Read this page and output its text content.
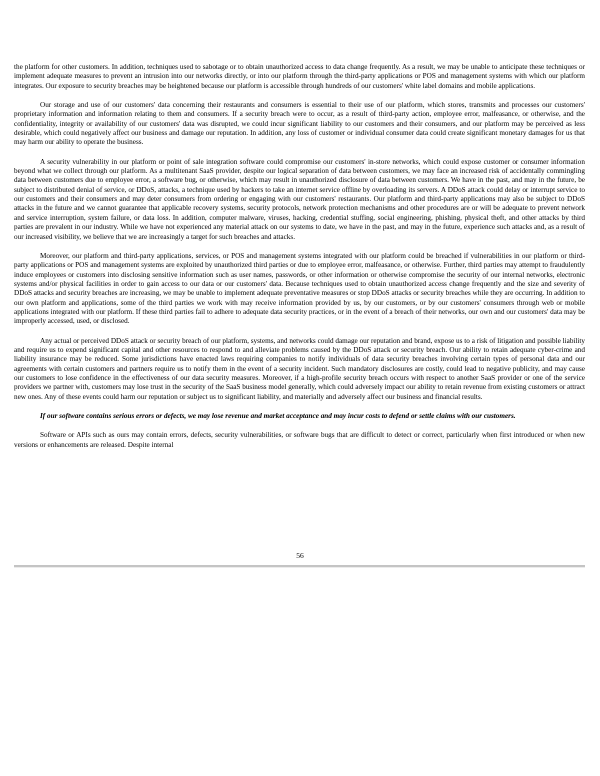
the platform for other customers. In addition, techniques used to sabotage or to obtain unauthorized access to data change frequently. As a result, we may be unable to anticipate these techniques or implement adequate measures to prevent an intrusion into our networks directly, or into our platform through the third-party applications or POS and management systems with which our platform integrates. Our exposure to security breaches may be heightened because our platform is accessible through hundreds of our customers' white label domains and mobile applications.

Our storage and use of our customers' data concerning their restaurants and consumers is essential to their use of our platform, which stores, transmits and processes our customers' proprietary information and information relating to them and consumers. If a security breach were to occur, as a result of third-party action, employee error, malfeasance, or otherwise, and the confidentiality, integrity or availability of our customers' data was disrupted, we could incur significant liability to our customers and their consumers, and our platform may be perceived as less desirable, which could negatively affect our business and damage our reputation. In addition, any loss of customer or individual consumer data could create significant monetary damages for us that may harm our ability to operate the business.

A security vulnerability in our platform or point of sale integration software could compromise our customers' in-store networks, which could expose customer or consumer information beyond what we collect through our platform. As a multitenant SaaS provider, despite our logical separation of data between customers, we may face an increased risk of accidentally commingling data between customers due to employee error, a software bug, or otherwise, which may result in unauthorized disclosure of data between customers. We have in the past, and may in the future, be subject to distributed denial of service, or DDoS, attacks, a technique used by hackers to take an internet service offline by overloading its servers. A DDoS attack could delay or interrupt service to our customers and their consumers and may deter consumers from ordering or engaging with our customers' restaurants. Our platform and third-party applications may also be subject to DDoS attacks in the future and we cannot guarantee that applicable recovery systems, security protocols, network protection mechanisms and other procedures are or will be adequate to prevent network and service interruption, system failure, or data loss. In addition, computer malware, viruses, hacking, credential stuffing, social engineering, phishing, physical theft, and other attacks by third parties are prevalent in our industry. While we have not experienced any material attack on our systems to date, we have in the past, and may in the future, experience such attacks and, as a result of our increased visibility, we believe that we are increasingly a target for such breaches and attacks.

Moreover, our platform and third-party applications, services, or POS and management systems integrated with our platform could be breached if vulnerabilities in our platform or third-party applications or POS and management systems are exploited by unauthorized third parties or due to employee error, malfeasance, or otherwise. Further, third parties may attempt to fraudulently induce employees or customers into disclosing sensitive information such as user names, passwords, or other information or otherwise compromise the security of our internal networks, electronic systems and/or physical facilities in order to gain access to our data or our customers' data. Because techniques used to obtain unauthorized access change frequently and the size and severity of DDoS attacks and security breaches are increasing, we may be unable to implement adequate preventative measures or stop DDoS attacks or security breaches while they are occurring. In addition to our own platform and applications, some of the third parties we work with may receive information provided by us, by our customers, or by our customers' consumers through web or mobile applications integrated with our platform. If these third parties fail to adhere to adequate data security practices, or in the event of a breach of their networks, our own and our customers' data may be improperly accessed, used, or disclosed.

Any actual or perceived DDoS attack or security breach of our platform, systems, and networks could damage our reputation and brand, expose us to a risk of litigation and possible liability and require us to expend significant capital and other resources to respond to and alleviate problems caused by the DDoS attack or security breach. Our ability to retain adequate cyber-crime and liability insurance may be reduced. Some jurisdictions have enacted laws requiring companies to notify individuals of data security breaches involving certain types of personal data and our agreements with certain customers and partners require us to notify them in the event of a security incident. Such mandatory disclosures are costly, could lead to negative publicity, and may cause our customers to lose confidence in the effectiveness of our data security measures. Moreover, if a high-profile security breach occurs with respect to another SaaS provider or one of the service providers we partner with, customers may lose trust in the security of the SaaS business model generally, which could adversely impact our ability to retain revenue from existing customers or attract new ones. Any of these events could harm our reputation or subject us to significant liability, and materially and adversely affect our business and financial results.

If our software contains serious errors or defects, we may lose revenue and market acceptance and may incur costs to defend or settle claims with our customers.

Software or APIs such as ours may contain errors, defects, security vulnerabilities, or software bugs that are difficult to detect or correct, particularly when first introduced or when new versions or enhancements are released. Despite internal

56
